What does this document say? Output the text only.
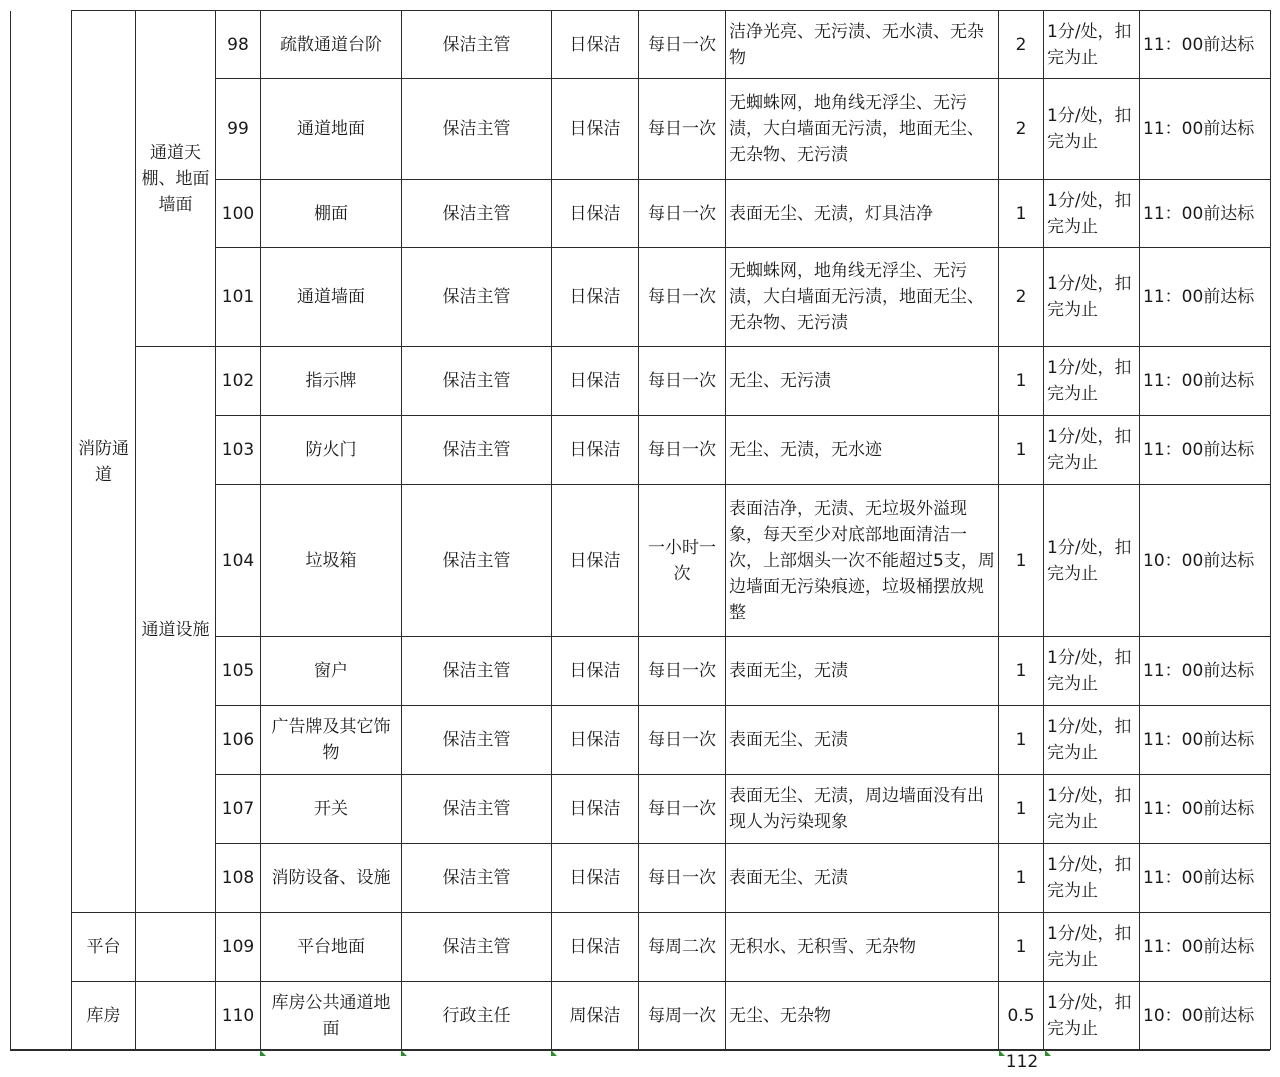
	消防通道	通道天棚、地面墙面	98	疏散通道台阶	保洁主管	日保洁	每日一次	洁净光亮、无污渍、无水渍、无杂物	2	1分/处，扣完为止	11：00前达标
			99	通道地面	保洁主管	日保洁	每日一次	无蜘蛛网，地角线无浮尘、无污渍，大白墙面无污渍，地面无尘、无杂物、无污渍	2	1分/处，扣完为止	11：00前达标
			100	棚面	保洁主管	日保洁	每日一次	表面无尘、无渍，灯具洁净	1	1分/处，扣完为止	11：00前达标
			101	通道墙面	保洁主管	日保洁	每日一次	无蜘蛛网，地角线无浮尘、无污渍，大白墙面无污渍，地面无尘、无杂物、无污渍	2	1分/处，扣完为止	11：00前达标
		通道设施	102	指示牌	保洁主管	日保洁	每日一次	无尘、无污渍	1	1分/处，扣完为止	11：00前达标
			103	防火门	保洁主管	日保洁	每日一次	无尘、无渍，无水迹	1	1分/处，扣完为止	11：00前达标
			104	垃圾箱	保洁主管	日保洁	一小时一次	表面洁净，无渍、无垃圾外溢现象，每天至少对底部地面清洁一次，上部烟头一次不能超过5支，周边墙面无污染痕迹，垃圾桶摆放规整	1	1分/处，扣完为止	10：00前达标
			105	窗户	保洁主管	日保洁	每日一次	表面无尘，无渍	1	1分/处，扣完为止	11：00前达标
			106	广告牌及其它饰物	保洁主管	日保洁	每日一次	表面无尘、无渍	1	1分/处，扣完为止	11：00前达标
			107	开关	保洁主管	日保洁	每日一次	表面无尘、无渍，周边墙面没有出现人为污染现象	1	1分/处，扣完为止	11：00前达标
			108	消防设备、设施	保洁主管	日保洁	每日一次	表面无尘、无渍	1	1分/处，扣完为止	11：00前达标
	平台		109	平台地面	保洁主管	日保洁	每周二次	无积水、无积雪、无杂物	1	1分/处，扣完为止	11：00前达标
	库房		110	库房公共通道地面	行政主任	周保洁	每周一次	无尘、无杂物	0.5	1分/处，扣完为止	10：00前达标
112
